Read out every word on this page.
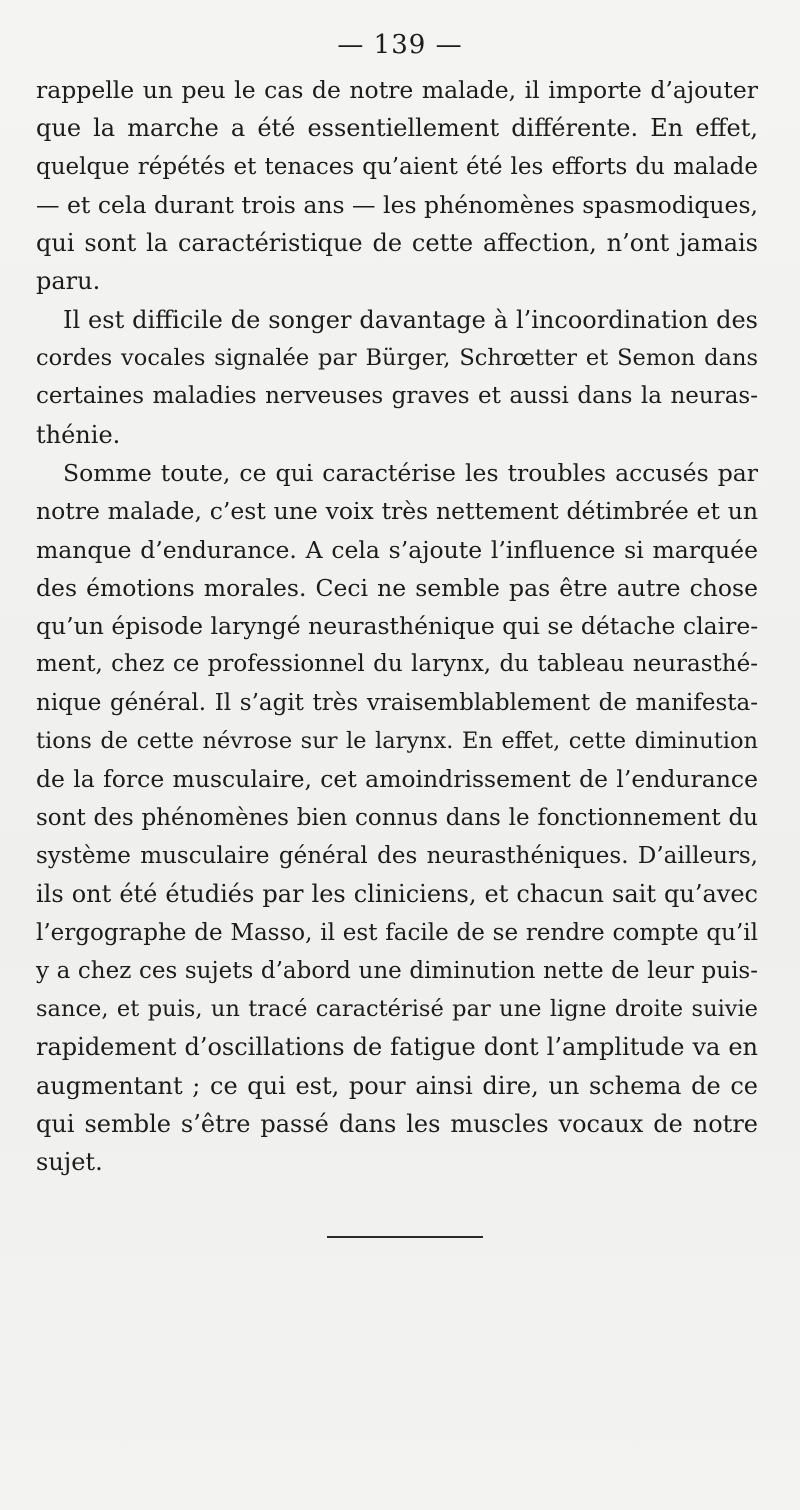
— 139 —
rappelle un peu le cas de notre malade, il importe d’ajouter
que la marche a été essentiellement différente. En effet,
quelque répétés et tenaces qu’aient été les efforts du malade
— et cela durant trois ans — les phénomènes spasmodiques,
qui sont la caractéristique de cette affection, n’ont jamais
paru.
Il est difficile de songer davantage à l’incoordination des
cordes vocales signalée par Bürger, Schrœtter et Semon dans
certaines maladies nerveuses graves et aussi dans la neuras-
thénie.
Somme toute, ce qui caractérise les troubles accusés par
notre malade, c’est une voix très nettement détimbrée et un
manque d’endurance. A cela s’ajoute l’influence si marquée
des émotions morales. Ceci ne semble pas être autre chose
qu’un épisode laryngé neurasthénique qui se détache claire-
ment, chez ce professionnel du larynx, du tableau neurasthé-
nique général. Il s’agit très vraisemblablement de manifesta-
tions de cette névrose sur le larynx. En effet, cette diminution
de la force musculaire, cet amoindrissement de l’endurance
sont des phénomènes bien connus dans le fonctionnement du
système musculaire général des neurasthéniques. D’ailleurs,
ils ont été étudiés par les cliniciens, et chacun sait qu’avec
l’ergographe de Masso, il est facile de se rendre compte qu’il
y a chez ces sujets d’abord une diminution nette de leur puis-
sance, et puis, un tracé caractérisé par une ligne droite suivie
rapidement d’oscillations de fatigue dont l’amplitude va en
augmentant ; ce qui est, pour ainsi dire, un schema de ce
qui semble s’être passé dans les muscles vocaux de notre
sujet.
